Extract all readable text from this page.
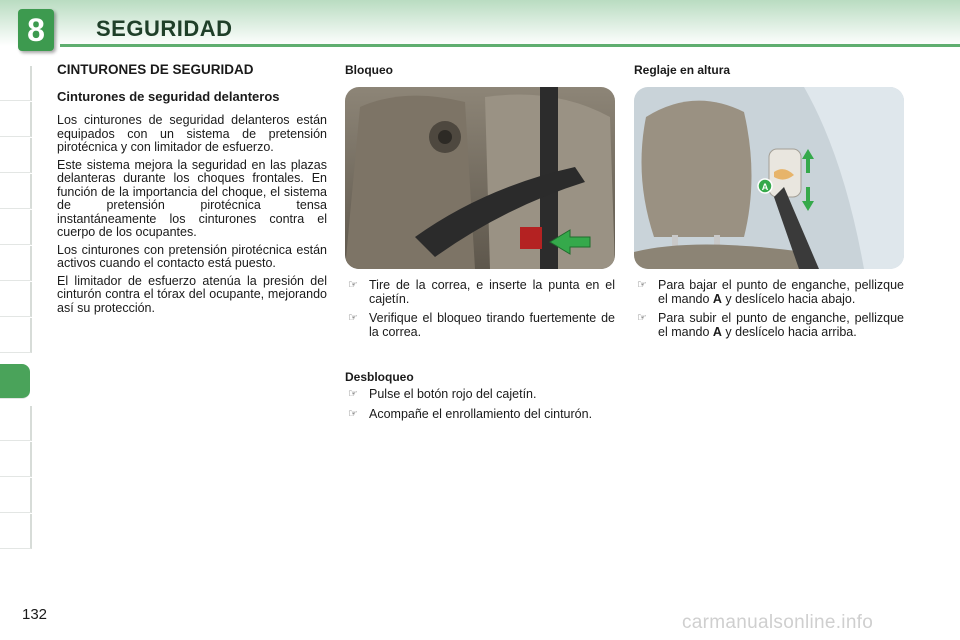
8	SEGURIDAD
CINTURONES DE SEGURIDAD
Cinturones de seguridad delanteros

Los cinturones de seguridad delanteros están equipados con un sistema de pretensión pirotécnica y con limitador de esfuerzo.

Este sistema mejora la seguridad en las plazas delanteras durante los choques frontales. En función de la importancia del choque, el sistema de pretensión pirotécnica tensa instantáneamente los cinturones contra el cuerpo de los ocupantes.

Los cinturones con pretensión pirotécnica están activos cuando el contacto está puesto.

El limitador de esfuerzo atenúa la presión del cinturón contra el tórax del ocupante, mejorando así su protección.

Bloqueo
☞ Tire de la correa, e inserte la punta en el cajetín.
☞ Verifique el bloqueo tirando fuertemente de la correa.
Desbloqueo
☞ Pulse el botón rojo del cajetín.
☞ Acompañe el enrollamiento del cinturón.
Reglaje en altura
A
☞ Para bajar el punto de enganche, pellizque el mando A y deslícelo hacia abajo.
☞ Para subir el punto de enganche, pellizque el mando A y deslícelo hacia arriba.
132	carmanualsonline.info
